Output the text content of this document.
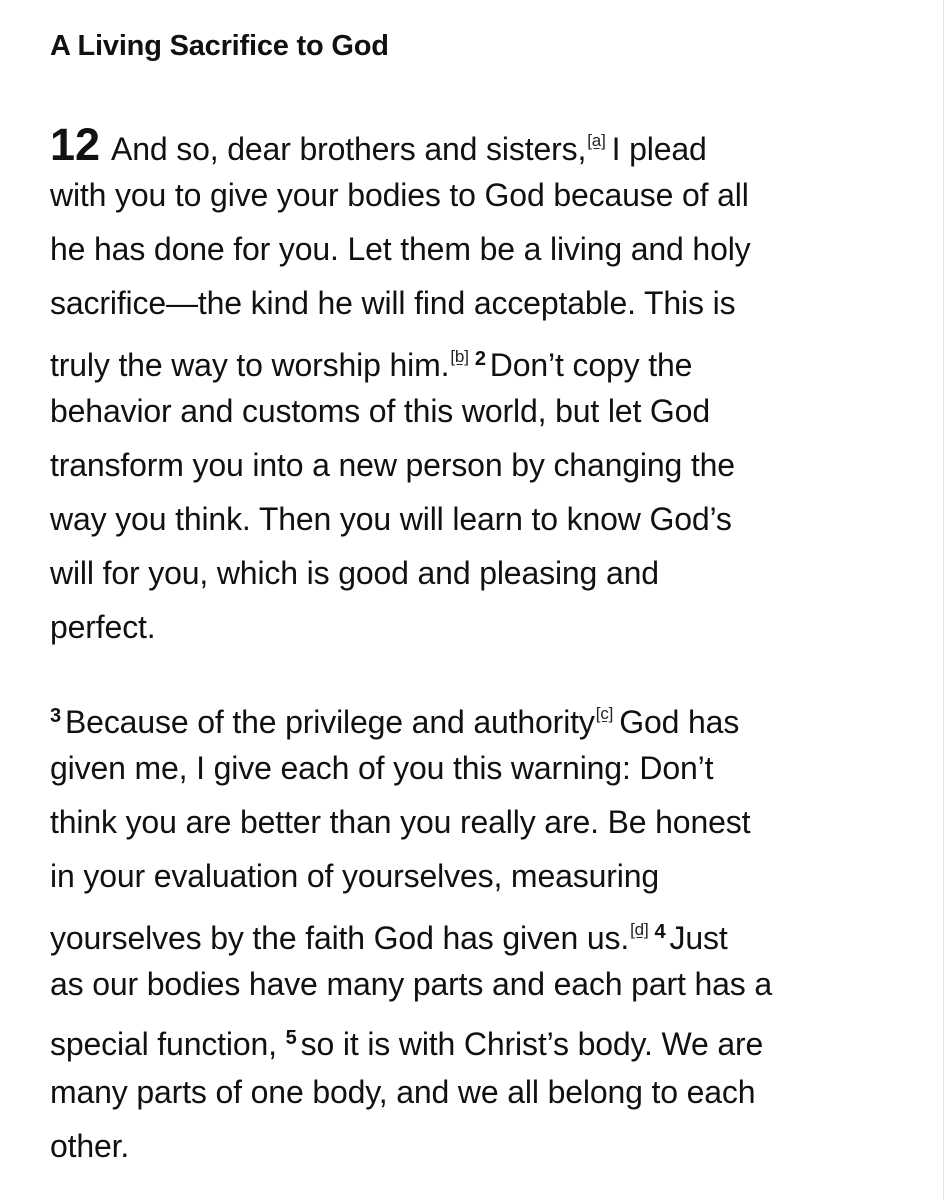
A Living Sacrifice to God
12 And so, dear brothers and sisters,[a] I plead
with you to give your bodies to God because of all
he has done for you. Let them be a living and holy
sacrifice—the kind he will find acceptable. This is
truly the way to worship him.[b] $^2$ Don’t copy the
behavior and customs of this world, but let God
transform you into a new person by changing the
way you think. Then you will learn to know God’s
will for you, which is good and pleasing and
perfect.
$^3$ Because of the privilege and authority[c] God has
given me, I give each of you this warning: Don’t
think you are better than you really are. Be honest
in your evaluation of yourselves, measuring
yourselves by the faith God has given us.[d] $^4$ Just
as our bodies have many parts and each part has a
special function, $^5$ so it is with Christ’s body. We are
many parts of one body, and we all belong to each
other.
